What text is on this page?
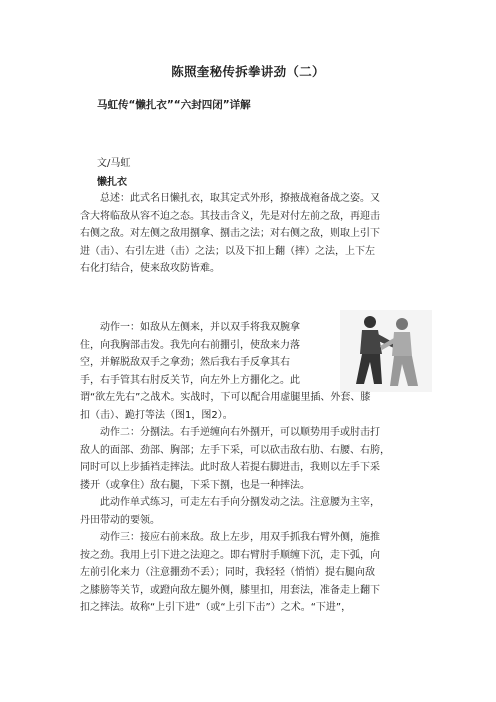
陈照奎秘传拆拳讲劲（二）
马虹传“懒扎衣”“六封四闭”详解
文/马虹
懒扎衣
　　总述：此式名日懒扎衣，取其定式外形，撩掖战袍备战之姿。又
含大将临敌从容不迫之态。其技击含义，先是对付左前之敌，再迎击
右侧之敌。对左侧之敌用捌拿、捌击之法；对右侧之敌，则取上引下
进（击）、右引左进（击）之法；以及下扣上翻（摔）之法，上下左
右化打结合，使来敌攻防皆难。
　　动作一：如敌从左侧来，并以双手将我双腕拿
住，向我胸部击发。我先向右前掤引，使敌来力落
空，并解脱敌双手之拿劲；然后我右手反拿其右
手，右手管其右肘反关节，向左外上方掤化之。此
谓“欲左先右”之战术。实战时，下可以配合用虚腿里插、外套、膝
扣（击）、跪打等法（图1，图2）。
　　动作二：分捌法。右手逆缠向右外捌开，可以顺势用手或肘击打
敌人的面部、劲部、胸部；左手下采，可以砍击敌右肋、右腰、右胯，
同时可以上步插裆走摔法。此时敌人若提右脚进击，我则以左手下采
搂开（或拿住）敌右腿，下采下捌，也是一种摔法。
　　此动作单式练习，可走左右手向分捌发动之法。注意腰为主宰，
丹田带动的要领。
　　动作三：接应右前来敌。敌上左步，用双手抓我右臂外侧，施推
按之劲。我用上引下进之法迎之。即右臂肘手顺缠下沉，走下弧，向
左前引化来力（注意掤劲不丢）；同时，我轻轻（悄悄）提右腿向敌
之膝膀等关节，或蹬向敌左腿外侧，膝里扣，用套法，准备走上翻下
扣之摔法。故称“上引下进”（或“上引下击”）之术。“下进”，
